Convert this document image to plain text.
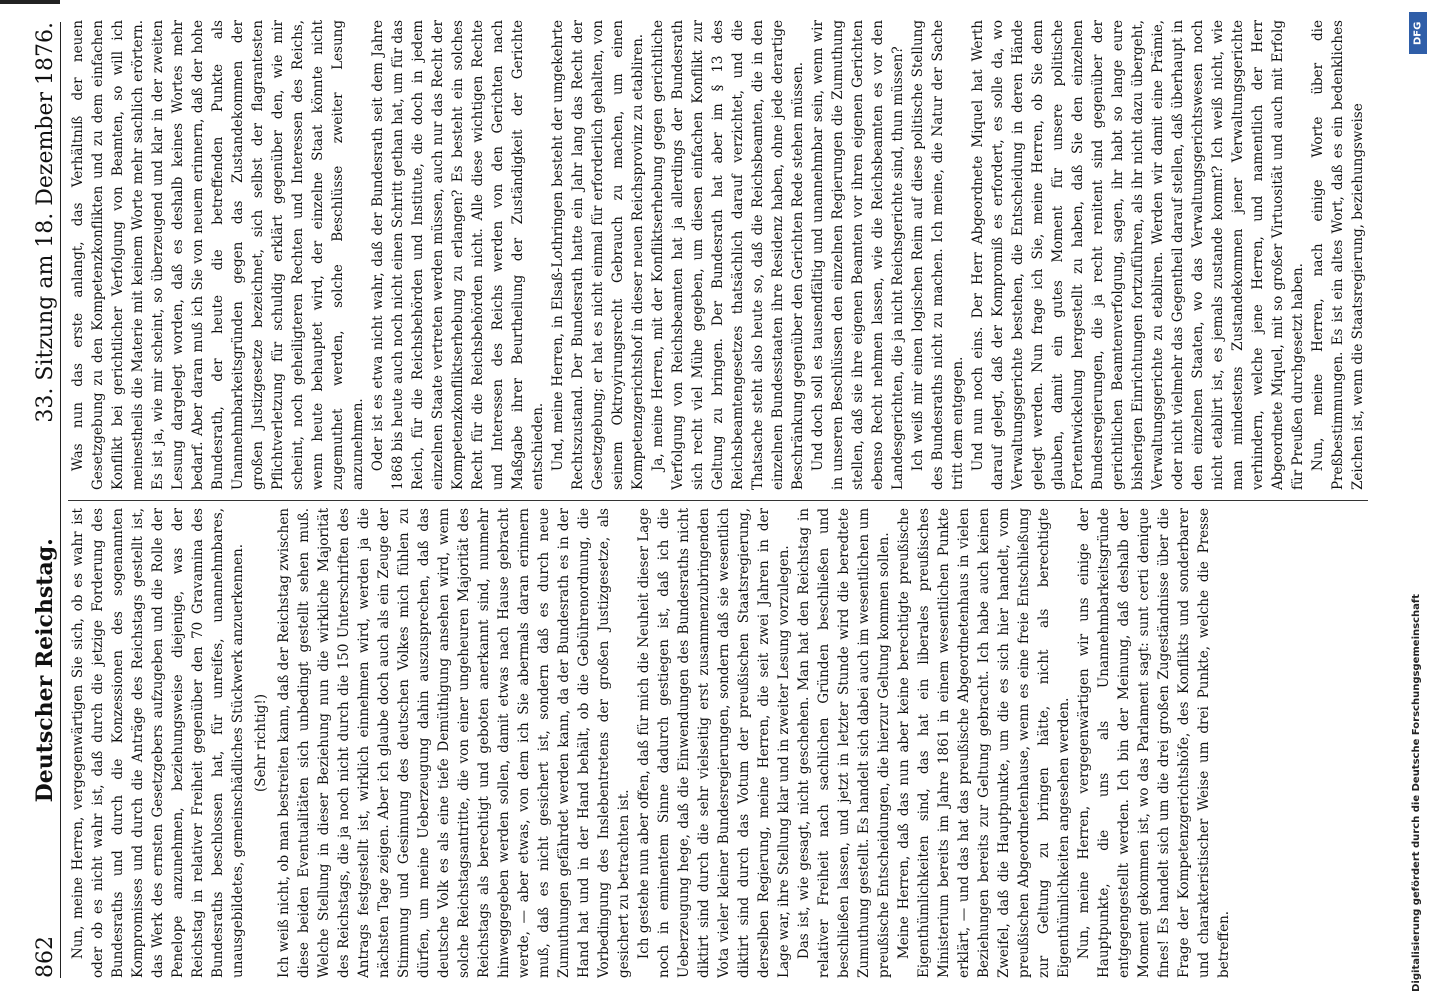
862
Deutscher Reichstag.
33. Sitzung am 18. Dezember 1876.

Nun, meine Herren, vergegenwärtigen Sie sich, ob es wahr ist oder ob es nicht wahr ist, daß durch die jetzige Forderung des Bundesraths und durch die Konzessionen des sogenannten Kompromisses und durch die Anträge des Reichstags gestellt ist, das Werk des ernsten Gesetzgebers aufzugeben und die Rolle der Penelope anzunehmen, beziehungsweise diejenige, was der Reichstag in relativer Freiheit gegenüber den 70 Gravamina des Bundesraths beschlossen hat, für unreifes, unannehmbares, unausgebildetes, gemeinschädliches Stückwerk anzuerkennen. (Sehr richtig!) Ich weiß nicht, ob man bestreiten kann, daß der Reichstag zwischen diese beiden Eventualitäten sich unbedingt gestellt sehen muß. Welche Stellung in dieser Beziehung nun die wirkliche Majorität des Reichstags, die ja noch nicht durch die 150 Unterschriften des Antrags festgestellt ist, wirklich einnehmen wird, werden ja die nächsten Tage zeigen. Aber ich glaube doch auch als ein Zeuge der Stimmung und Gesinnung des deutschen Volkes mich fühlen zu dürfen, um meine Ueberzeugung dahin auszusprechen, daß das deutsche Volk es als eine tiefe Demüthigung ansehen wird, wenn solche Reichstagsantritte, die von einer ungeheuren Majorität des Reichstags als berechtigt und geboten anerkannt sind, nunmehr hinweggegeben werden sollen, damit etwas nach Hause gebracht werde, — aber etwas, von dem ich Sie abermals daran erinnern muß, daß es nicht gesichert ist, sondern daß es durch neue Zumuthungen gefährdet werden kann, da der Bundesrath es in der Hand hat und in der Hand behält, ob die Gebührenordnung, die Vorbedingung des Inslebentretens der großen Justizgesetze, als gesichert zu betrachten ist. Ich gestehe nun aber offen, daß für mich die Neuheit dieser Lage noch in eminentem Sinne dadurch gestiegen ist, daß ich die Ueberzeugung hege, daß die Einwendungen des Bundesraths nicht diktirt sind durch die sehr vielseitig erst zusammenzubringenden Vota vieler kleiner Bundesregierungen, sondern daß sie wesentlich diktirt sind durch das Votum der preußischen Staatsregierung, derselben Regierung, meine Herren, die seit zwei Jahren in der Lage war, ihre Stellung klar und in zweiter Lesung vorzulegen. Das ist, wie gesagt, nicht geschehen. Man hat den Reichstag in relativer Freiheit nach sachlichen Gründen beschließen und beschließen lassen, und jetzt in letzter Stunde wird die beredtete Zumuthung gestellt. Es handelt sich dabei auch im wesentlichen um preußische Entscheidungen, die hierzur Geltung kommen sollen. Meine Herren, daß das nun aber keine berechtigte preußische Eigenthümlichkeiten sind, das hat ein liberales preußisches Ministerium bereits im Jahre 1861 in einem wesentlichen Punkte erklärt, — und das hat das preußische Abgeordnetenhaus in vielen Beziehungen bereits zur Geltung gebracht. Ich habe auch keinen Zweifel, daß die Hauptpunkte, um die es sich hier handelt, vom preußischen Abgeordnetenhause, wenn es eine freie Entschließung zur Geltung zu bringen hätte, nicht als berechtigte Eigenthümlichkeiten angesehen werden. Nun, meine Herren, vergegenwärtigen wir uns einige der Hauptpunkte, die uns als Unannehmbarkeitsgründe entgegengestellt werden. Ich bin der Meinung, daß deshalb der Moment gekommen ist, wo das Parlament sagt: sunt certi denique fines! Es handelt sich um die drei großen Zugeständnisse über die Frage der Kompetenzgerichtshöfe, des Konflikts und sonderbarer und charakteristischer Weise um drei Punkte, welche die Presse betreffen.

Was nun das erste anlangt, das Verhältniß der neuen Gesetzgebung zu den Kompetenzkonflikten und zu dem einfachen Konflikt bei gerichtlicher Verfolgung von Beamten, so will ich meinestheils die Materie mit keinem Worte mehr sachlich erörtern. Es ist ja, wie mir scheint, so überzeugend und klar in der zweiten Lesung dargelegt worden, daß es deshalb keines Wortes mehr bedarf. Aber daran muß ich Sie von neuem erinnern, daß der hohe Bundesrath, der heute die betreffenden Punkte als Unannehmbarkeitsgründen gegen das Zustandekommen der großen Justizgesetze bezeichnet, sich selbst der flagrantesten Pflichtverletzung für schuldig erklärt gegenüber den, wie mir scheint, noch geheiligteren Rechten und Interessen des Reichs, wenn heute behauptet wird, der einzelne Staat könnte nicht zugemuthet werden, solche Beschlüsse zweiter Lesung anzunehmen. Oder ist es etwa nicht wahr, daß der Bundesrath seit dem Jahre 1868 bis heute auch noch nicht einen Schritt gethan hat, um für das Reich, für die Reichsbehörden und Institute, die doch in jedem einzelnen Staate vertreten werden müssen, auch nur das Recht der Kompetenzkonfliktserhebung zu erlangen? Es besteht ein solches Recht für die Reichsbehörden nicht. Alle diese wichtigen Rechte und Interessen des Reichs werden von den Gerichten nach Maßgabe ihrer Beurtheilung der Zuständigkeit der Gerichte entschieden. Und, meine Herren, in Elsaß-Lothringen besteht der umgekehrte Rechtszustand. Der Bundesrath hatte ein Jahr lang das Recht der Gesetzgebung; er hat es nicht einmal für erforderlich gehalten, von seinem Oktroyirungsrecht Gebrauch zu machen, um einen Kompetenzgerichtshof in dieser neuen Reichsprovinz zu etabliren. Ja, meine Herren, mit der Konfliktserhebung gegen gerichtliche Verfolgung von Reichsbeamten hat ja allerdings der Bundesrath sich recht viel Mühe gegeben, um diesen einfachen Konflikt zur Geltung zu bringen. Der Bundesrath hat aber im § 13 des Reichsbeamtengesetzes thatsächlich darauf verzichtet, und die Thatsache steht also heute so, daß die Reichsbeamten, die in den einzelnen Bundesstaaten ihre Residenz haben, ohne jede derartige Beschränkung gegenüber den Gerichten Rede stehen müssen. Und doch soll es tausendfältig und unannehmbar sein, wenn wir in unseren Beschlüssen den einzelnen Regierungen die Zumuthung stellen, daß sie ihre eigenen Beamten vor ihren eigenen Gerichten ebenso Recht nehmen lassen, wie die Reichsbeamten es vor den Landesgerichten, die ja nicht Reichsgerichte sind, thun müssen? Ich weiß mir einen logischen Reim auf diese politische Stellung des Bundesraths nicht zu machen. Ich meine, die Natur der Sache tritt dem entgegen. Und nun noch eins. Der Herr Abgeordnete Miquel hat Werth darauf gelegt, daß der Kompromiß es erfordert, es solle da, wo Verwaltungsgerichte bestehen, die Entscheidung in deren Hände gelegt werden. Nun frage ich Sie, meine Herren, ob Sie denn glauben, damit ein gutes Moment für unsere politische Fortentwickelung hergestellt zu haben, daß Sie den einzelnen Bundesregierungen, die ja recht renitent sind gegenüber der gerichtlichen Beamtenverfolgung, sagen, ihr habt so lange eure bisherigen Einrichtungen fortzuführen, als ihr nicht dazu übergeht, Verwaltungsgerichte zu etabliren. Werden wir damit eine Prämie, oder nicht vielmehr das Gegentheil darauf stellen, daß überhaupt in den einzelnen Staaten, wo das Verwaltungsgerichtswesen noch nicht etablirt ist, es jemals zustande kommt? Ich weiß nicht, wie man mindestens Zustandekommen jener Verwaltungsgerichte verhindern, welche jene Herren, und namentlich der Herr Abgeordnete Miquel, mit so großer Virtuosität und auch mit Erfolg für Preußen durchgesetzt haben. Nun, meine Herren, nach einige Worte über die Preßbestimmungen. Es ist ein altes Wort, daß es ein bedenkliches Zeichen ist, wenn die Staatsregierung, beziehungsweise

DFG
Digitalisierung gefördert durch die Deutsche Forschungsgemeinschaft
